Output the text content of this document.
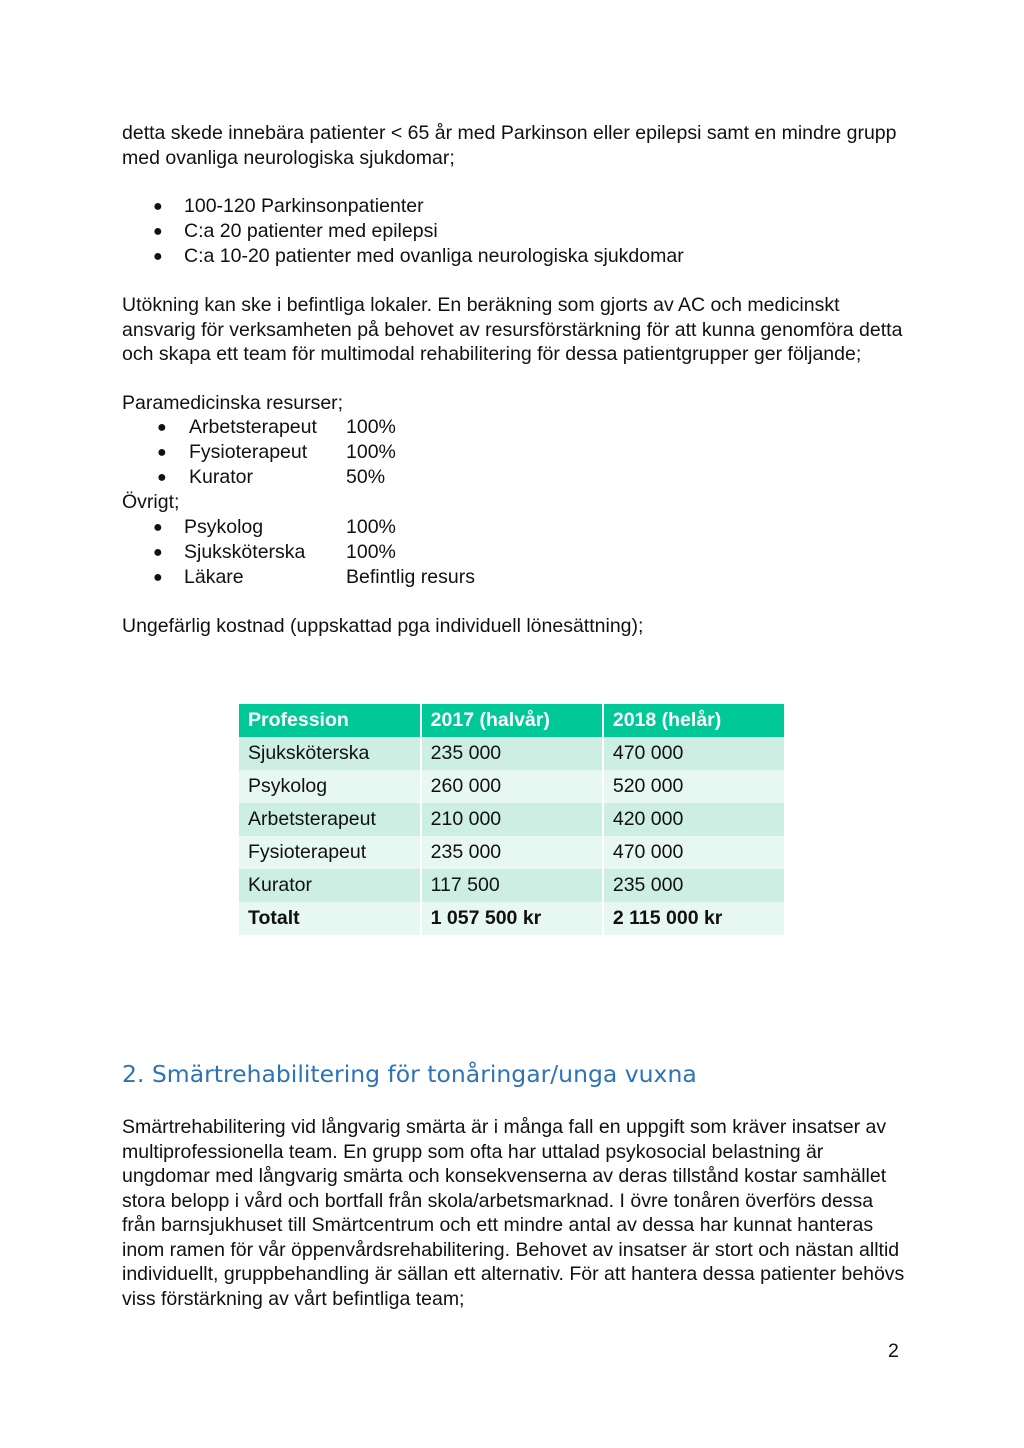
detta skede innebära patienter < 65 år med Parkinson eller epilepsi samt en mindre grupp med ovanliga neurologiska sjukdomar;

● 100-120 Parkinsonpatienter
● C:a 20 patienter med epilepsi
● C:a 10-20 patienter med ovanliga neurologiska sjukdomar

Utökning kan ske i befintliga lokaler. En beräkning som gjorts av AC och medicinskt ansvarig för verksamheten på behovet av resursförstärkning för att kunna genomföra detta och skapa ett team för multimodal rehabilitering för dessa patientgrupper ger följande;

Paramedicinska resurser;

● Arbetsterapeut 100%
● Fysioterapeut 100%
● Kurator	50%

Övrigt;

● Psykolog	100%
● Sjuksköterska 100%
● Läkare	Befintlig resurs

Ungefärlig kostnad (uppskattad pga individuell lönesättning);

Profession	2017 (halvår)	2018 (helår)
Sjuksköterska	235 000	470 000
Psykolog	260 000	520 000
Arbetsterapeut	210 000	420 000
Fysioterapeut	235 000	470 000
Kurator	117 500	235 000
Totalt	1 057 500 kr	2 115 000 kr
2. Smärtrehabilitering för tonåringar/unga vuxna

Smärtrehabilitering vid långvarig smärta är i många fall en uppgift som kräver insatser av multiprofessionella team. En grupp som ofta har uttalad psykosocial belastning är ungdomar med långvarig smärta och konsekvenserna av deras tillstånd kostar samhället stora belopp i vård och bortfall från skola/arbetsmarknad. I övre tonåren överförs dessa från barnsjukhuset till Smärtcentrum och ett mindre antal av dessa har kunnat hanteras inom ramen för vår öppenvårdsrehabilitering. Behovet av insatser är stort och nästan alltid individuellt, gruppbehandling är sällan ett alternativ. För att hantera dessa patienter behövs viss förstärkning av vårt befintliga team;

2
